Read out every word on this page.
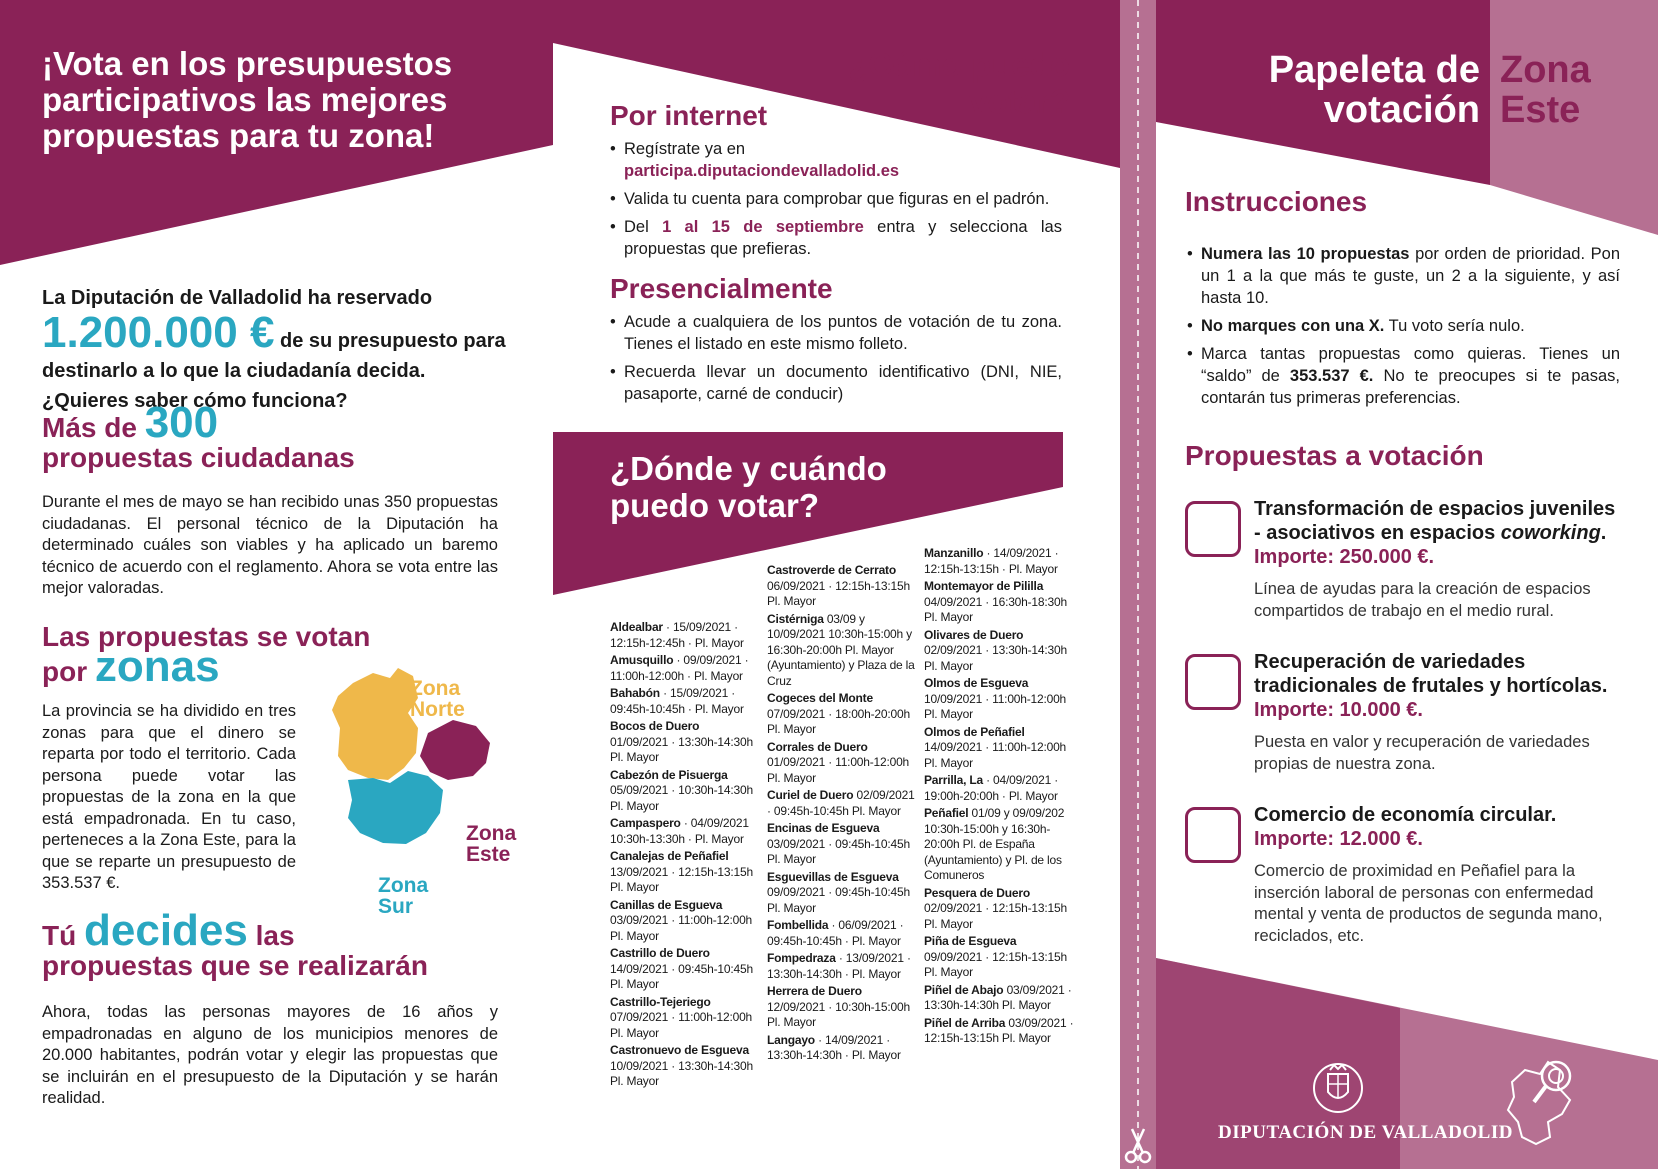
¡Vota en los presupuestos participativos las mejores propuestas para tu zona!
La Diputación de Valladolid ha reservado
1.200.000 € de su presupuesto para destinarlo a lo que la ciudadanía decida. ¿Quieres saber cómo funciona?
Más de 300
propuestas ciudadanas
Durante el mes de mayo se han recibido unas 350 propuestas ciudadanas. El personal técnico de la Diputación ha determinado cuáles son viables y ha aplicado un baremo técnico de acuerdo con el reglamento. Ahora se vota entre las mejor valoradas.
Las propuestas se votan
por zonas
La provincia se ha dividido en tres zonas para que el dinero se reparta por todo el territorio. Cada persona puede votar las propuestas de la zona en la que está empadronada. En tu caso, perteneces a la Zona Este, para la que se reparte un presupuesto de 353.537 €.
Zona
Norte
Zona
Este
Zona
Sur
Tú decides las
propuestas que se realizarán
Ahora, todas las personas mayores de 16 años y empadronadas en alguno de los municipios menores de 20.000 habitantes, podrán votar y elegir las propuestas que se incluirán en el presupuesto de la Diputación y se harán realidad.
¿Cómo puedo
votar?
Por internet
• Regístrate ya en
participa.diputaciondevalladolid.es
• Valida tu cuenta para comprobar que figuras en el padrón.
• Del 1 al 15 de septiembre entra y selecciona las propuestas que prefieras.
Presencialmente
• Acude a cualquiera de los puntos de votación de tu zona. Tienes el listado en este mismo folleto.
• Recuerda llevar un documento identificativo (DNI, NIE, pasaporte, carné de conducir)
¿Dónde y cuándo
puedo votar?
Aldealbar · 15/09/2021 · 12:15h-12:45h · Pl. Mayor
Amusquillo · 09/09/2021 · 11:00h-12:00h · Pl. Mayor
Bahabón · 15/09/2021 · 09:45h-10:45h · Pl. Mayor
Bocos de Duero 01/09/2021 · 13:30h-14:30h Pl. Mayor
Cabezón de Pisuerga 05/09/2021 · 10:30h-14:30h Pl. Mayor
Campaspero · 04/09/2021 10:30h-13:30h · Pl. Mayor
Canalejas de Peñafiel 13/09/2021 · 12:15h-13:15h Pl. Mayor
Canillas de Esgueva 03/09/2021 · 11:00h-12:00h Pl. Mayor
Castrillo de Duero 14/09/2021 · 09:45h-10:45h Pl. Mayor
Castrillo-Tejeriego 07/09/2021 · 11:00h-12:00h Pl. Mayor
Castronuevo de Esgueva 10/09/2021 · 13:30h-14:30h Pl. Mayor
Castroverde de Cerrato 06/09/2021 · 12:15h-13:15h Pl. Mayor
Cistérniga 03/09 y 10/09/2021 10:30h-15:00h y 16:30h-20:00h Pl. Mayor (Ayuntamiento) y Plaza de la Cruz
Cogeces del Monte 07/09/2021 · 18:00h-20:00h Pl. Mayor
Corrales de Duero 01/09/2021 · 11:00h-12:00h Pl. Mayor
Curiel de Duero 02/09/2021 · 09:45h-10:45h Pl. Mayor
Encinas de Esgueva 03/09/2021 · 09:45h-10:45h Pl. Mayor
Esguevillas de Esgueva 09/09/2021 · 09:45h-10:45h Pl. Mayor
Fombellida · 06/09/2021 · 09:45h-10:45h · Pl. Mayor
Fompedraza · 13/09/2021 · 13:30h-14:30h · Pl. Mayor
Herrera de Duero 12/09/2021 · 10:30h-15:00h Pl. Mayor
Langayo · 14/09/2021 · 13:30h-14:30h · Pl. Mayor
Manzanillo · 14/09/2021 · 12:15h-13:15h · Pl. Mayor
Montemayor de Pililla 04/09/2021 · 16:30h-18:30h Pl. Mayor
Olivares de Duero 02/09/2021 · 13:30h-14:30h Pl. Mayor
Olmos de Esgueva 10/09/2021 · 11:00h-12:00h Pl. Mayor
Olmos de Peñafiel 14/09/2021 · 11:00h-12:00h Pl. Mayor
Parrilla, La · 04/09/2021 · 19:00h-20:00h · Pl. Mayor
Peñafiel 01/09 y 09/09/202 10:30h-15:00h y 16:30h-20:00h Pl. de España (Ayuntamiento) y Pl. de los Comuneros
Pesquera de Duero 02/09/2021 · 12:15h-13:15h Pl. Mayor
Piña de Esgueva 09/09/2021 · 12:15h-13:15h Pl. Mayor
Piñel de Abajo 03/09/2021 · 13:30h-14:30h Pl. Mayor
Piñel de Arriba 03/09/2021 · 12:15h-13:15h Pl. Mayor
Papeleta de
votación
Zona
Este
Instrucciones
• Numera las 10 propuestas por orden de prioridad. Pon un 1 a la que más te guste, un 2 a la siguiente, y así hasta 10.
• No marques con una X. Tu voto sería nulo.
• Marca tantas propuestas como quieras. Tienes un “saldo” de 353.537 €. No te preocupes si te pasas, contarán tus primeras preferencias.
Propuestas a votación
Transformación de espacios juveniles - asociativos en espacios coworking. Importe: 250.000 €.
Línea de ayudas para la creación de espacios compartidos de trabajo en el medio rural.
Recuperación de variedades tradicionales de frutales y hortícolas. Importe: 10.000 €.
Puesta en valor y recuperación de variedades propias de nuestra zona.
Comercio de economía circular.
Importe: 12.000 €.
Comercio de proximidad en Peñafiel para la inserción laboral de personas con enfermedad mental y venta de productos de segunda mano, reciclados, etc.
DIPUTACIÓN DE VALLADOLID
